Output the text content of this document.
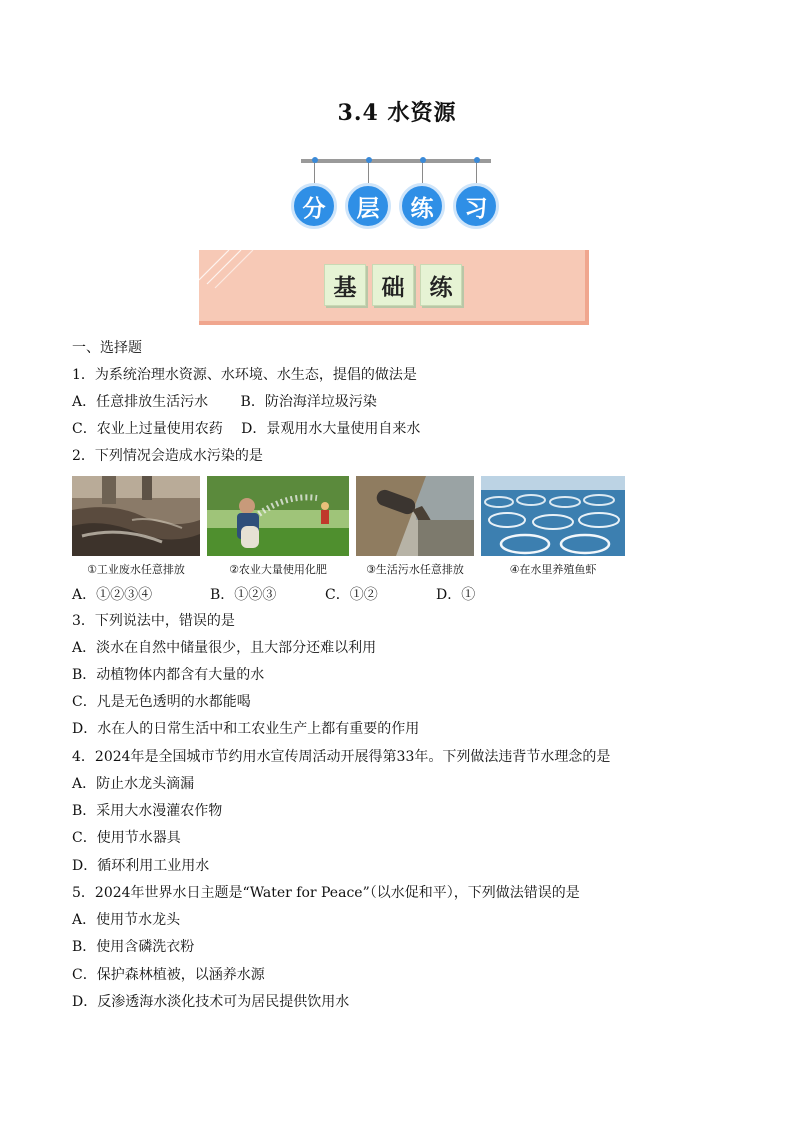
3.4 水资源
分	层	练	习
基	础	练
一、选择题
1．为系统治理水资源、水环境、水生态，提倡的做法是
A．任意排放生活污水　　 B．防治海洋垃圾污染
C．农业上过量使用农药　 D．景观用水大量使用自来水
2．下列情况会造成水污染的是
①工业废水任意排放	②农业大量使用化肥	③生活污水任意排放	④在水里养殖鱼虾
A．①②③④	B．①②③	C．①②	D．①
3．下列说法中，错误的是
A．淡水在自然中储量很少，且大部分还难以利用
B．动植物体内都含有大量的水
C．凡是无色透明的水都能喝
D．水在人的日常生活中和工农业生产上都有重要的作用
4．2024年是全国城市节约用水宣传周活动开展得第33年。下列做法违背节水理念的是
A．防止水龙头滴漏
B．采用大水漫灌农作物
C．使用节水器具
D．循环利用工业用水
5．2024年世界水日主题是“Water for Peace”（以水促和平），下列做法错误的是
A．使用节水龙头
B．使用含磷洗衣粉
C．保护森林植被，以涵养水源
D．反渗透海水淡化技术可为居民提供饮用水
